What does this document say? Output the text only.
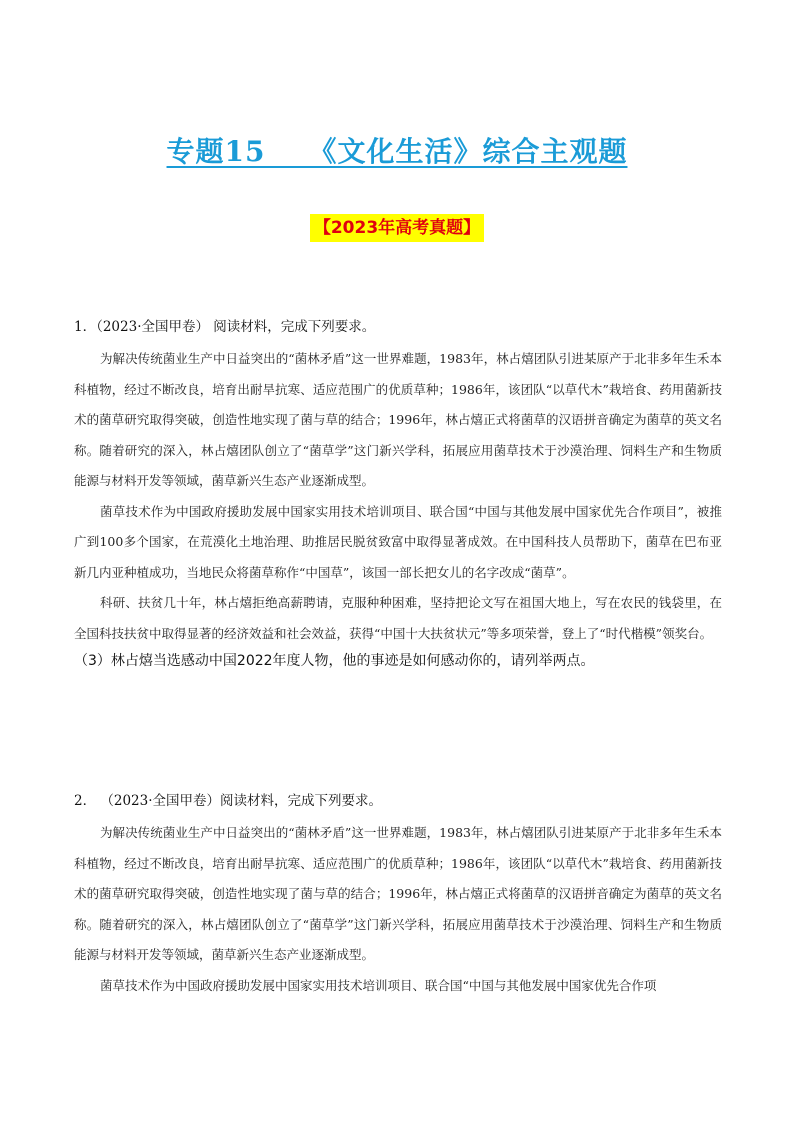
专题15    《文化生活》综合主观题
【2023年高考真题】
1．（2023·全国甲卷） 阅读材料，完成下列要求。

为解决传统菌业生产中日益突出的“菌林矛盾”这一世界难题，1983年，林占熺团队引进某原产于北非多年生禾本科植物，经过不断改良，培育出耐旱抗寒、适应范围广的优质草种；1986年，该团队“以草代木”栽培食、药用菌新技术的菌草研究取得突破，创造性地实现了菌与草的结合；1996年，林占熺正式将菌草的汉语拼音确定为菌草的英文名称。随着研究的深入，林占熺团队创立了“菌草学”这门新兴学科，拓展应用菌草技术于沙漠治理、饲料生产和生物质能源与材料开发等领域，菌草新兴生态产业逐渐成型。

菌草技术作为中国政府援助发展中国家实用技术培训项目、联合国“中国与其他发展中国家优先合作项目”，被推广到100多个国家，在荒漠化土地治理、助推居民脱贫致富中取得显著成效。在中国科技人员帮助下，菌草在巴布亚新几内亚种植成功，当地民众将菌草称作“中国草”，该国一部长把女儿的名字改成“菌草”。

科研、扶贫几十年，林占熺拒绝高薪聘请，克服种种困难，坚持把论文写在祖国大地上，写在农民的钱袋里，在全国科技扶贫中取得显著的经济效益和社会效益，获得“中国十大扶贫状元”等多项荣誉，登上了“时代楷模”领奖台。

（3）林占熺当选感动中国2022年度人物，他的事迹是如何感动你的，请列举两点。
2． （2023·全国甲卷）阅读材料，完成下列要求。

为解决传统菌业生产中日益突出的“菌林矛盾”这一世界难题，1983年，林占熺团队引进某原产于北非多年生禾本科植物，经过不断改良，培育出耐旱抗寒、适应范围广的优质草种；1986年，该团队“以草代木”栽培食、药用菌新技术的菌草研究取得突破，创造性地实现了菌与草的结合；1996年，林占熺正式将菌草的汉语拼音确定为菌草的英文名称。随着研究的深入，林占熺团队创立了“菌草学”这门新兴学科，拓展应用菌草技术于沙漠治理、饲料生产和生物质能源与材料开发等领域，菌草新兴生态产业逐渐成型。

菌草技术作为中国政府援助发展中国家实用技术培训项目、联合国“中国与其他发展中国家优先合作项
